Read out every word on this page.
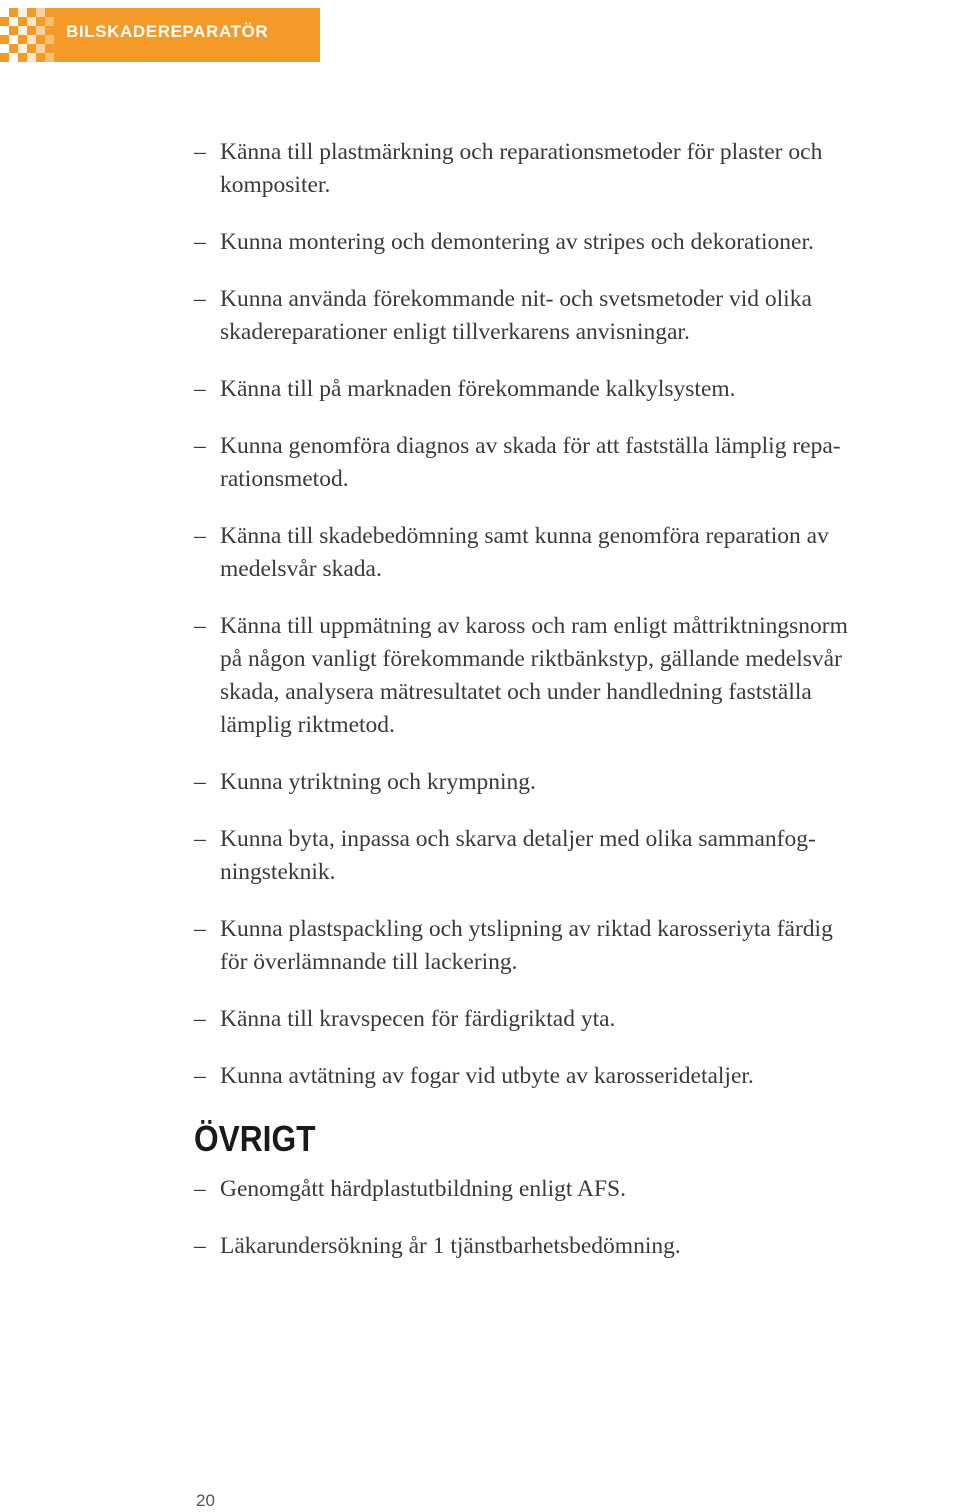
BILSKADEREPARATÖR
– Känna till plastmärkning och reparationsmetoder för plaster och
kompositer.
– Kunna montering och demontering av stripes och dekorationer.
– Kunna använda förekommande nit- och svetsmetoder vid olika
skadereparationer enligt tillverkarens anvisningar.
– Känna till på marknaden förekommande kalkylsystem.
– Kunna genomföra diagnos av skada för att fastställa lämplig repa-
rationsmetod.
– Känna till skadebedömning samt kunna genomföra reparation av
medelsvår skada.
– Känna till uppmätning av kaross och ram enligt måttriktningsnorm
på någon vanligt förekommande riktbänkstyp, gällande medelsvår
skada, analysera mätresultatet och under handledning fastställa
lämplig riktmetod.
– Kunna ytriktning och krympning.
– Kunna byta, inpassa och skarva detaljer med olika sammanfog-
ningsteknik.
– Kunna plastspackling och ytslipning av riktad karosseriyta färdig
för överlämnande till lackering.
– Känna till kravspecen för färdigriktad yta.
– Kunna avtätning av fogar vid utbyte av karosseridetaljer.
ÖVRIGT
– Genomgått härdplastutbildning enligt AFS.
– Läkarundersökning år 1 tjänstbarhetsbedömning.
20
